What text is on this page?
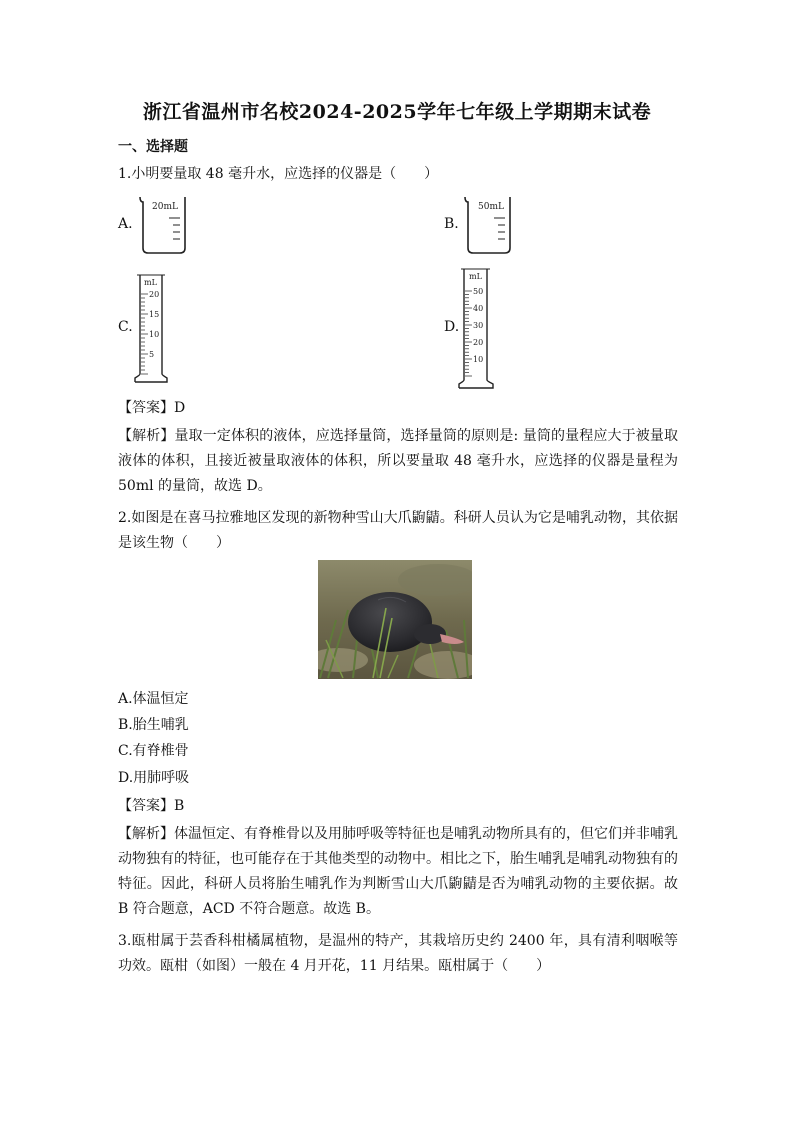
浙江省温州市名校2024-2025学年七年级上学期期末试卷
一、选择题
1.小明要量取 48 毫升水，应选择的仪器是（　　）
A.
20mL
B.
50mL
C.
mL
20
15
10
5
D.
mL
50
40
30
20
10
【答案】D
【解析】量取一定体积的液体，应选择量筒，选择量筒的原则是: 量筒的量程应大于被量取液体的体积，且接近被量取液体的体积，所以要量取 48 毫升水，应选择的仪器是量程为 50ml 的量筒，故选 D。
2.如图是在喜马拉雅地区发现的新物种雪山大爪鼩鼱。科研人员认为它是哺乳动物，其依据是该生物（　　）
A.体温恒定
B.胎生哺乳
C.有脊椎骨
D.用肺呼吸
【答案】B
【解析】体温恒定、有脊椎骨以及用肺呼吸等特征也是哺乳动物所具有的，但它们并非哺乳动物独有的特征，也可能存在于其他类型的动物中。相比之下，胎生哺乳是哺乳动物独有的特征。因此，科研人员将胎生哺乳作为判断雪山大爪鼩鼱是否为哺乳动物的主要依据。故 B 符合题意，ACD 不符合题意。故选 B。
3.瓯柑属于芸香科柑橘属植物，是温州的特产，其栽培历史约 2400 年，具有清利咽喉等功效。瓯柑（如图）一般在 4 月开花，11 月结果。瓯柑属于（　　）
